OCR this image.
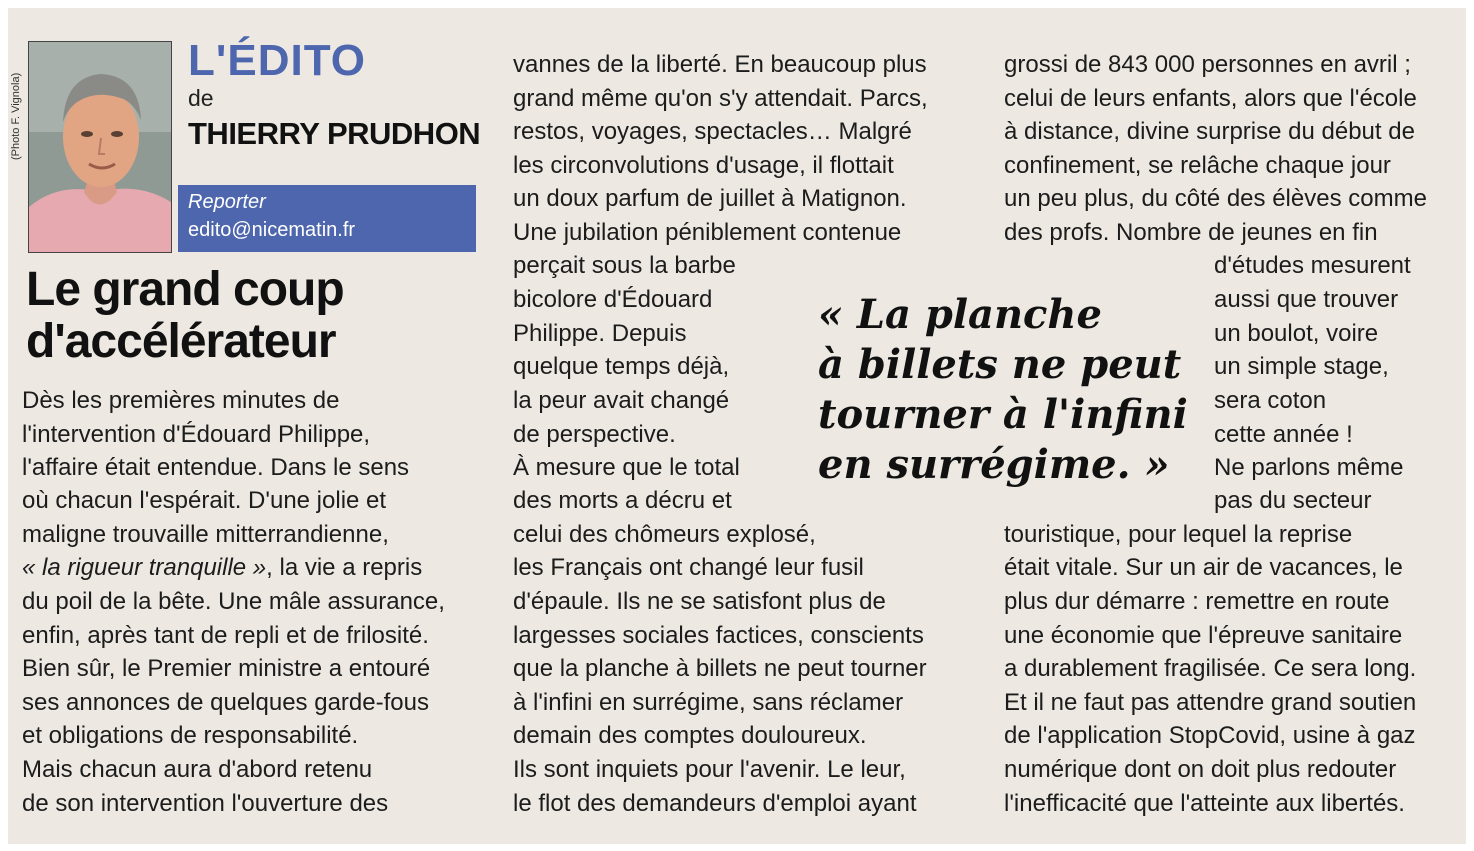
(Photo F. Vignola)
L'ÉDITO
de
THIERRY PRUDHON
Reporter
edito@nicematin.fr
Le grand coup
d'accélérateur
Dès les premières minutes de
l'intervention d'Édouard Philippe,
l'affaire était entendue. Dans le sens
où chacun l'espérait. D'une jolie et
maligne trouvaille mitterrandienne,
« la rigueur tranquille », la vie a repris
du poil de la bête. Une mâle assurance,
enfin, après tant de repli et de frilosité.
Bien sûr, le Premier ministre a entouré
ses annonces de quelques garde-fous
et obligations de responsabilité.
Mais chacun aura d'abord retenu
de son intervention l'ouverture des
vannes de la liberté. En beaucoup plus
grand même qu'on s'y attendait. Parcs,
restos, voyages, spectacles… Malgré
les circonvolutions d'usage, il flottait
un doux parfum de juillet à Matignon.
Une jubilation péniblement contenue
perçait sous la barbe
bicolore d'Édouard
Philippe. Depuis
quelque temps déjà,
la peur avait changé
de perspective.
À mesure que le total
des morts a décru et
celui des chômeurs explosé,
les Français ont changé leur fusil
d'épaule. Ils ne se satisfont plus de
largesses sociales factices, conscients
que la planche à billets ne peut tourner
à l'infini en surrégime, sans réclamer
demain des comptes douloureux.
Ils sont inquiets pour l'avenir. Le leur,
le flot des demandeurs d'emploi ayant
« La planche
à billets ne peut
tourner à l'infini
en surrégime. »
grossi de 843 000 personnes en avril ;
celui de leurs enfants, alors que l'école
à distance, divine surprise du début de
confinement, se relâche chaque jour
un peu plus, du côté des élèves comme
des profs. Nombre de jeunes en fin
d'études mesurent
aussi que trouver
un boulot, voire
un simple stage,
sera coton
cette année !
Ne parlons même
pas du secteur
touristique, pour lequel la reprise
était vitale. Sur un air de vacances, le
plus dur démarre : remettre en route
une économie que l'épreuve sanitaire
a durablement fragilisée. Ce sera long.
Et il ne faut pas attendre grand soutien
de l'application StopCovid, usine à gaz
numérique dont on doit plus redouter
l'inefficacité que l'atteinte aux libertés.
